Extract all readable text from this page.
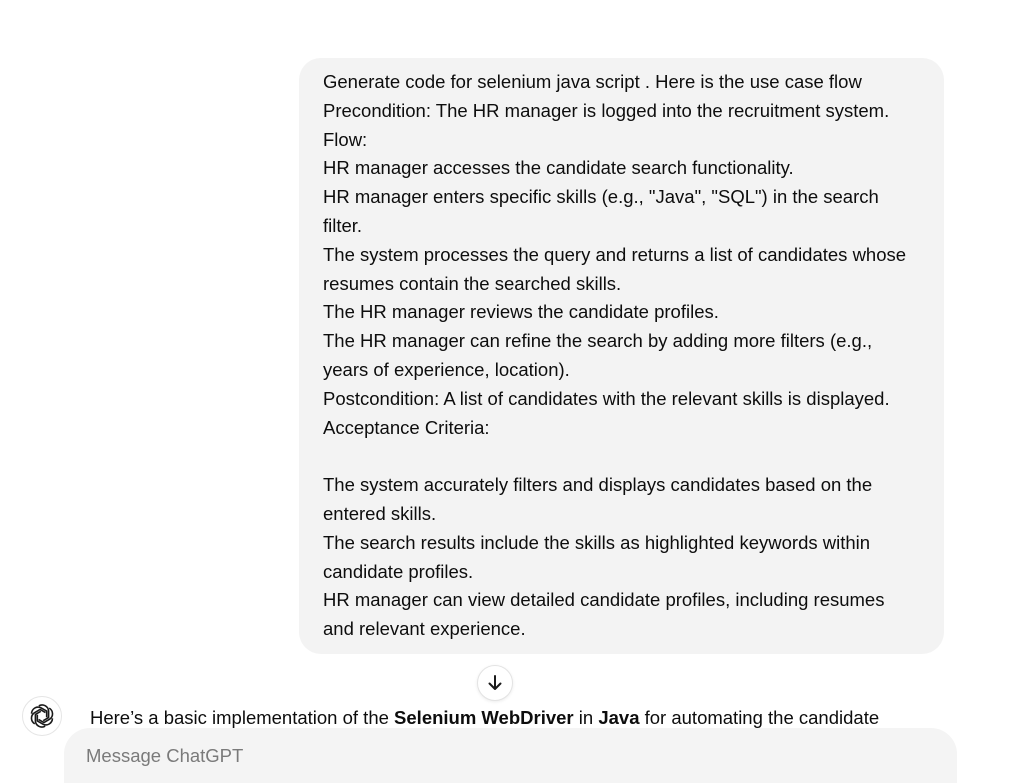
Generate code for selenium java script . Here is the use case flow
Precondition: The HR manager is logged into the recruitment system.
Flow:
HR manager accesses the candidate search functionality.
HR manager enters specific skills (e.g., "Java", "SQL") in the search
filter.
The system processes the query and returns a list of candidates whose
resumes contain the searched skills.
The HR manager reviews the candidate profiles.
The HR manager can refine the search by adding more filters (e.g.,
years of experience, location).
Postcondition: A list of candidates with the relevant skills is displayed.
Acceptance Criteria:
The system accurately filters and displays candidates based on the
entered skills.
The search results include the skills as highlighted keywords within
candidate profiles.
HR manager can view detailed candidate profiles, including resumes
and relevant experience.
Here’s a basic implementation of the Selenium WebDriver in Java for automating the candidate
Message ChatGPT
